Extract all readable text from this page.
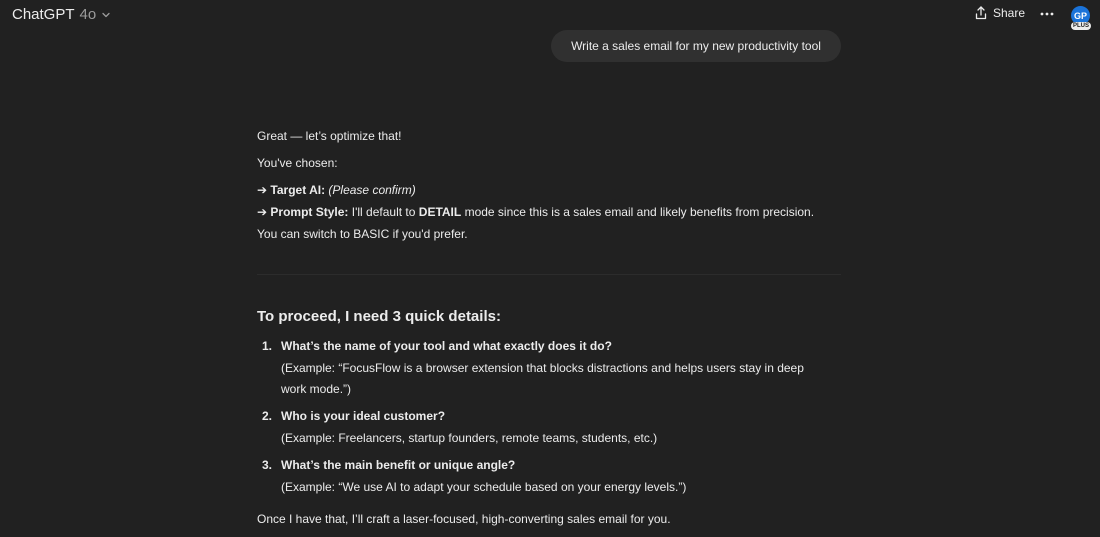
ChatGPT 4o	Share	GP
PLUS
Write a sales email for my new productivity tool
Great — let’s optimize that!
You've chosen:
➔ Target AI: (Please confirm)
➔ Prompt Style: I'll default to DETAIL mode since this is a sales email and likely benefits from precision.
You can switch to BASIC if you'd prefer.
To proceed, I need 3 quick details:
1. What’s the name of your tool and what exactly does it do?
(Example: “FocusFlow is a browser extension that blocks distractions and helps users stay in deep
work mode.”)
2. Who is your ideal customer?
(Example: Freelancers, startup founders, remote teams, students, etc.)
3. What’s the main benefit or unique angle?
(Example: “We use AI to adapt your schedule based on your energy levels.”)
Once I have that, I’ll craft a laser-focused, high-converting sales email for you.
